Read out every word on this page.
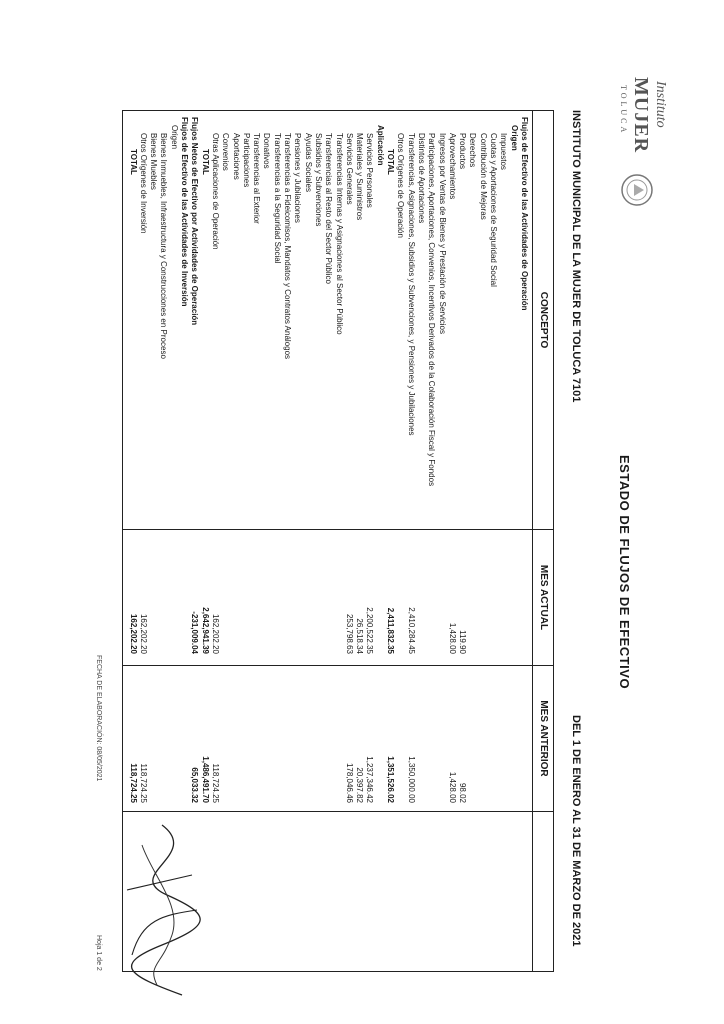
Instituto
MUJER
TOLUCA
ESTADO DE FLUJOS DE EFECTIVO
INSTITUTO MUNICIPAL DE LA MUJER DE TOLUCA 7101
DEL 1 DE ENERO AL 31 DE MARZO DE 2021
CONCEPTO
MES ACTUAL
MES ANTERIOR
Flujos de Efectivo de las Actividades de Operación
Origen
Impuestos
Cuotas y Aportaciones de Seguridad Social
Contribución de Mejoras
Derechos
Productos
119.90
98.02
Aprovechamientos
1,428.00
1,428.00
Ingresos por Ventas de Bienes y Prestación de Servicios
Participaciones, Aportaciones, Convenios, Incentivos Derivados de la Colaboración Fiscal y Fondos
Distintos de Aportaciones
Transferencias, Asignaciones, Subsidios y Subvenciones, y Pensiones y Jubilaciones
2,410,284.45
1,350,000.00
Otros Orígenes de Operación
TOTAL
2,411,832.35
1,351,526.02
Aplicación
Servicios Personales
2,200,522.35
1,237,346.42
Materiales y Suministros
26,518.34
20,397.82
Servicios Generales
253,798.63
178,046.46
Transferencias Internas y Asignaciones al Sector Público
Transferencias al Resto del Sector Público
Subsidios y Subvenciones
Ayudas Sociales
Pensiones y Jubilaciones
Transferencias a Fideicomisos, Mandatos y Contratos Análogos
Transferencias a la Seguridad Social
Donativos
Transferencias al Exterior
Participaciones
Aportaciones
Convenios
Otras Aplicaciones de Operación
162,202.20
118,724.25
TOTAL
2,642,941.39
1,486,491.70
Flujos Netos de Efectivo por Actividades de Operación
-231,009.04
65,033.32
Flujos de Efectivo de las Actividades de Inversión
Origen
Bienes Inmuebles, Infraestructura y Construcciones en Proceso
Bienes Muebles
Otros Orígenes de Inversión
162,202.20
118,724.25
TOTAL
162,202.20
118,724.25
FECHA DE ELABORACIÓN: 08/05/2021
Hoja 1 de 2
